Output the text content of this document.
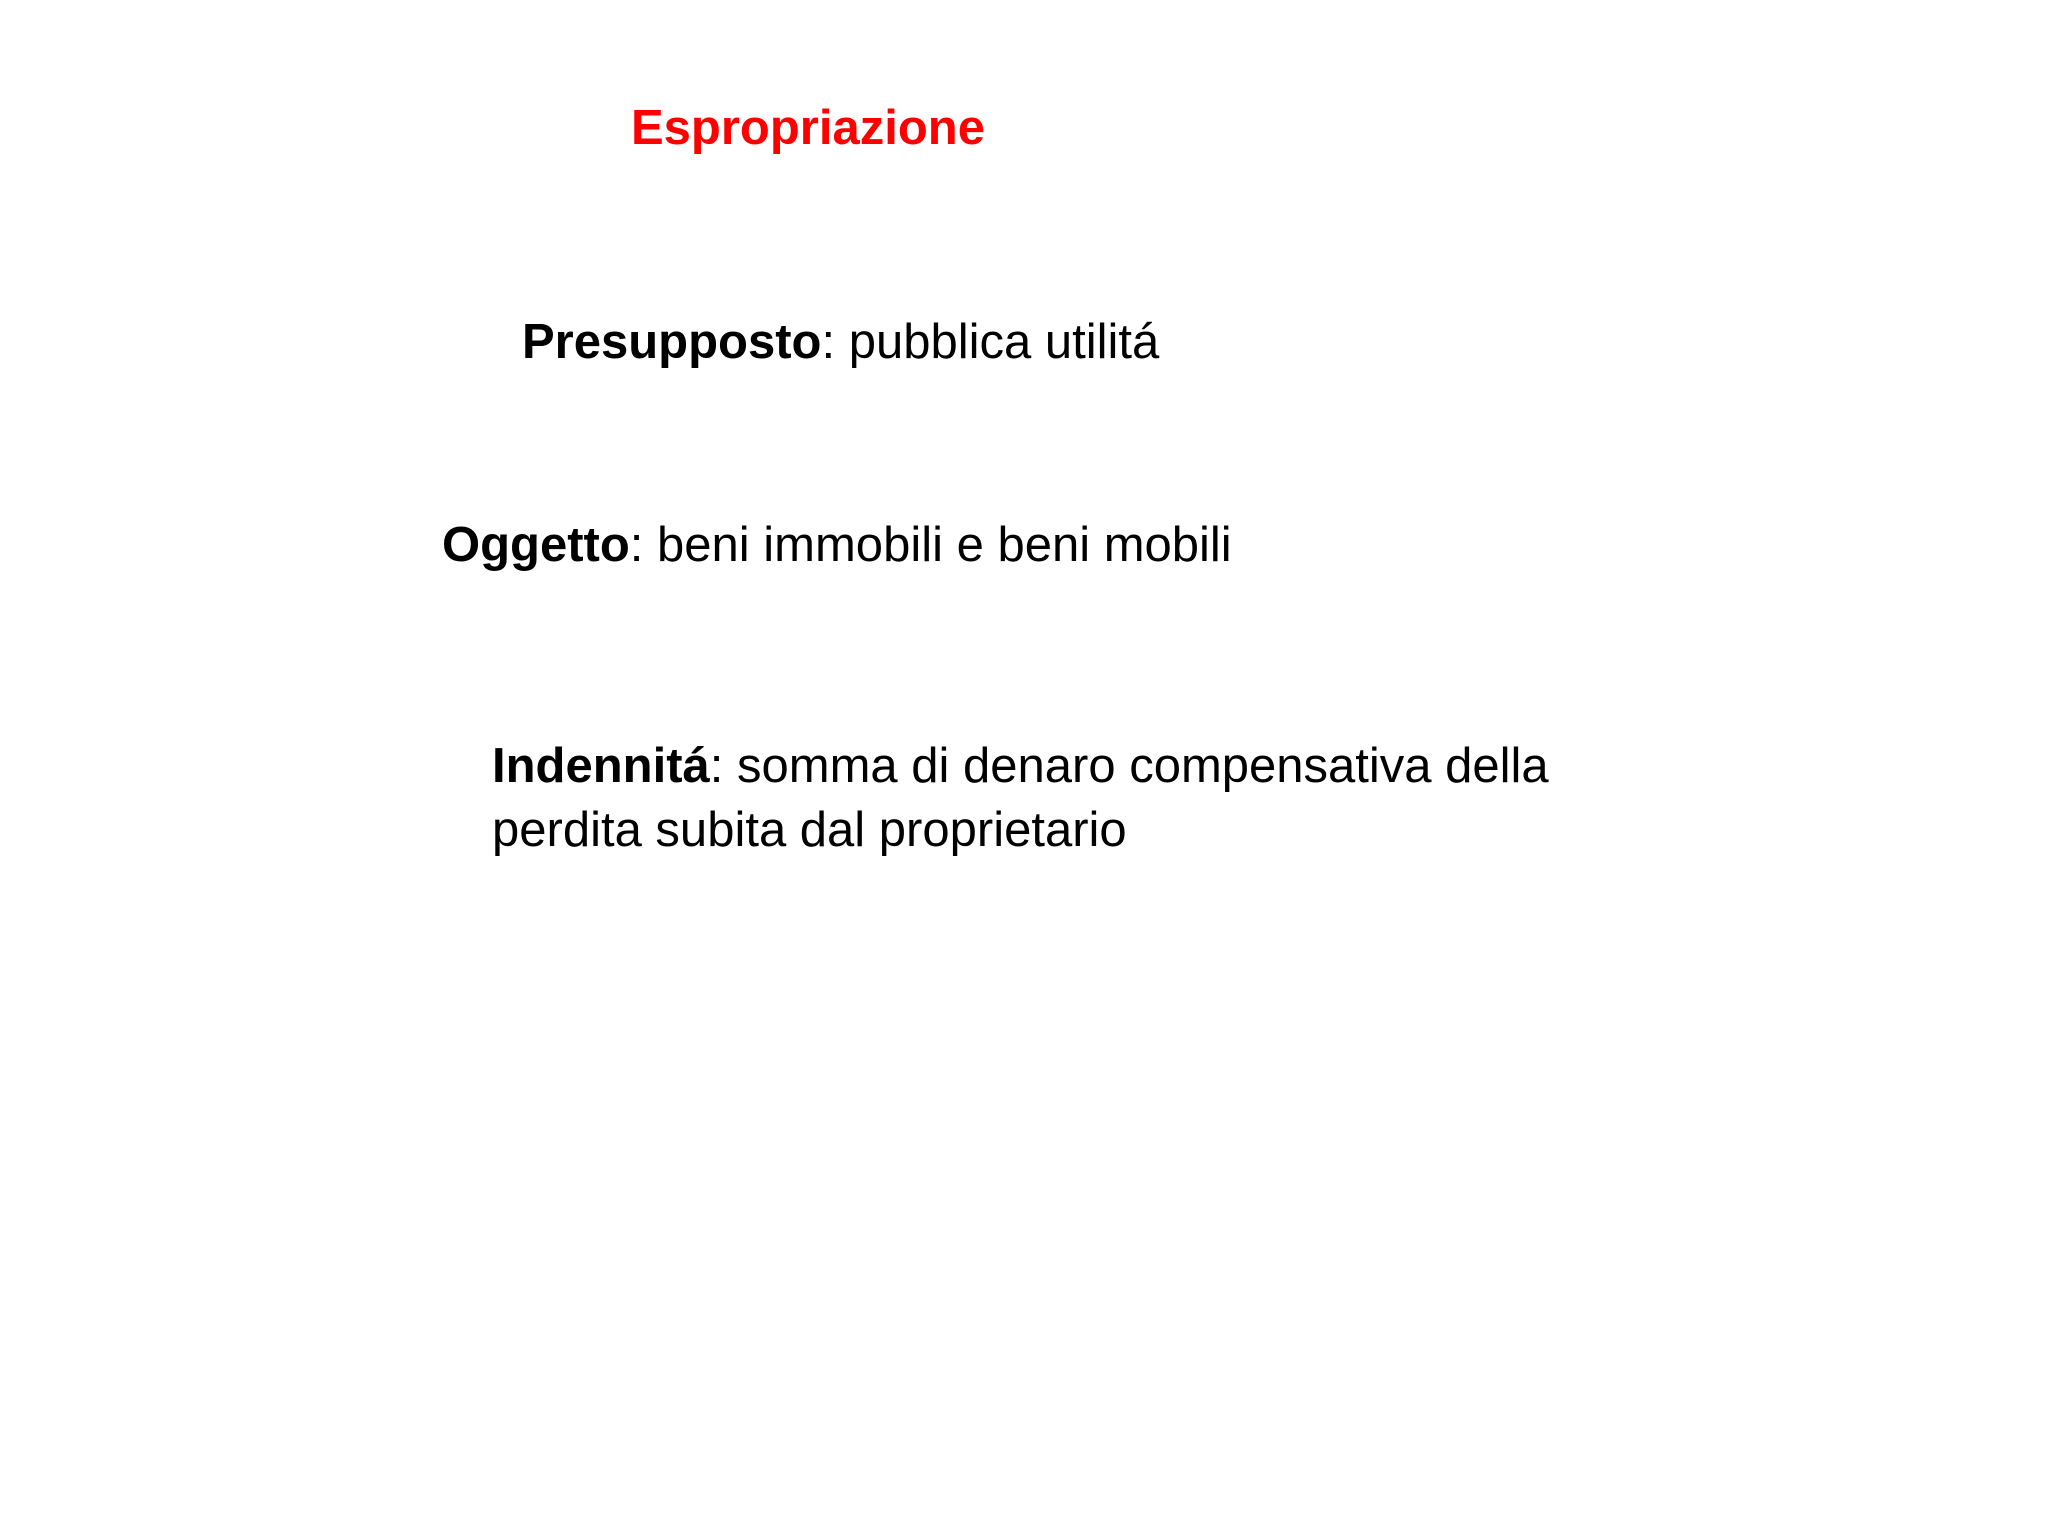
Espropriazione
Presupposto: pubblica utilitá
Oggetto: beni immobili e beni mobili
Indennitá: somma di denaro compensativa della
perdita subita dal proprietario
